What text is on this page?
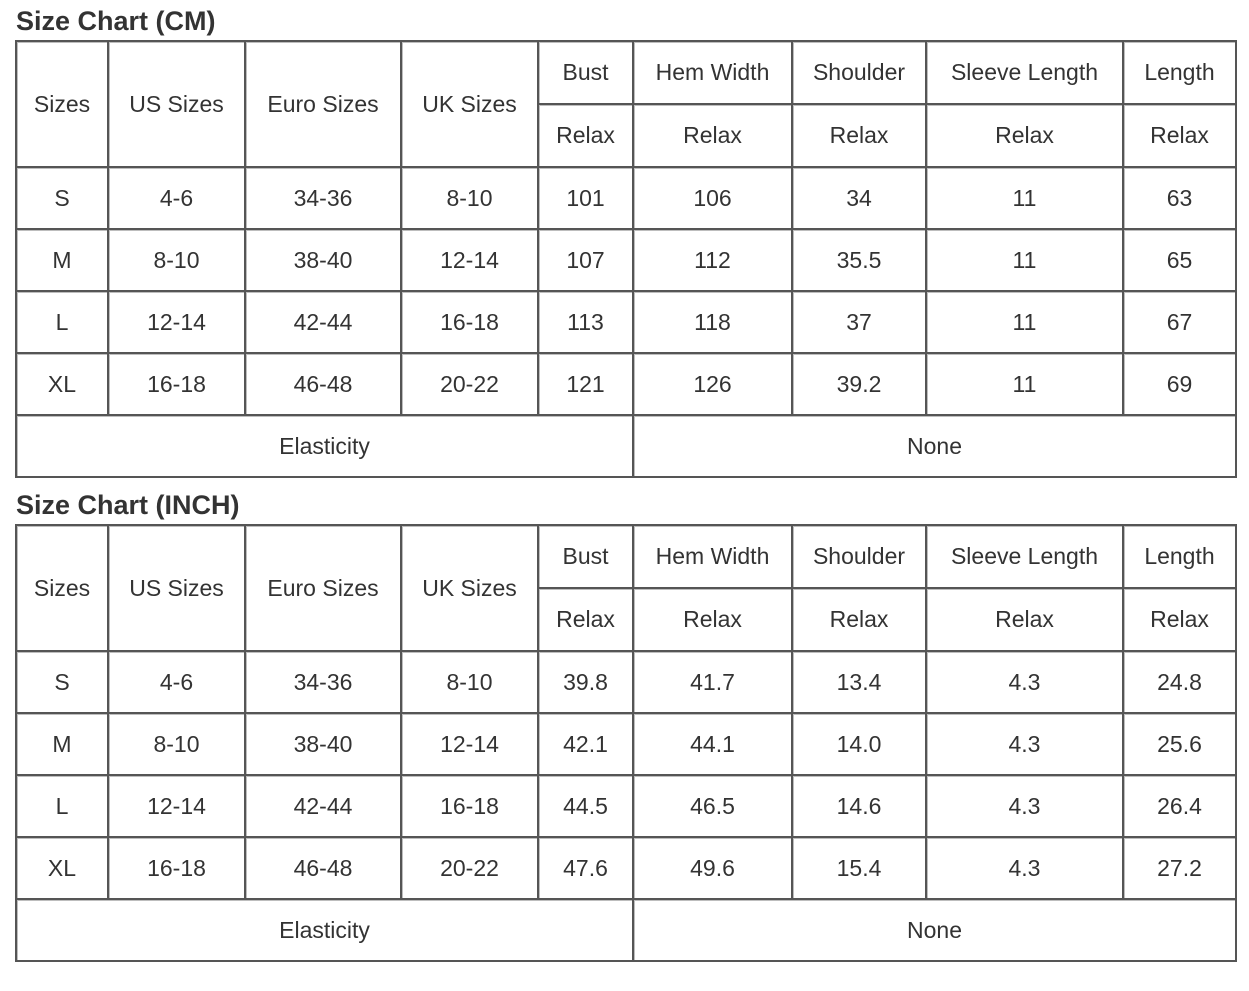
Size Chart (CM)
Sizes	US Sizes	Euro Sizes	UK Sizes	Bust	Hem Width	Shoulder	Sleeve Length	Length
				Relax	Relax	Relax	Relax	Relax
S	4-6	34-36	8-10	101	106	34	11	63
M	8-10	38-40	12-14	107	112	35.5	11	65
L	12-14	42-44	16-18	113	118	37	11	67
XL	16-18	46-48	20-22	121	126	39.2	11	69
Elasticity					None			
Size Chart (INCH)
Sizes	US Sizes	Euro Sizes	UK Sizes	Bust	Hem Width	Shoulder	Sleeve Length	Length
				Relax	Relax	Relax	Relax	Relax
S	4-6	34-36	8-10	39.8	41.7	13.4	4.3	24.8
M	8-10	38-40	12-14	42.1	44.1	14.0	4.3	25.6
L	12-14	42-44	16-18	44.5	46.5	14.6	4.3	26.4
XL	16-18	46-48	20-22	47.6	49.6	15.4	4.3	27.2
Elasticity					None			
